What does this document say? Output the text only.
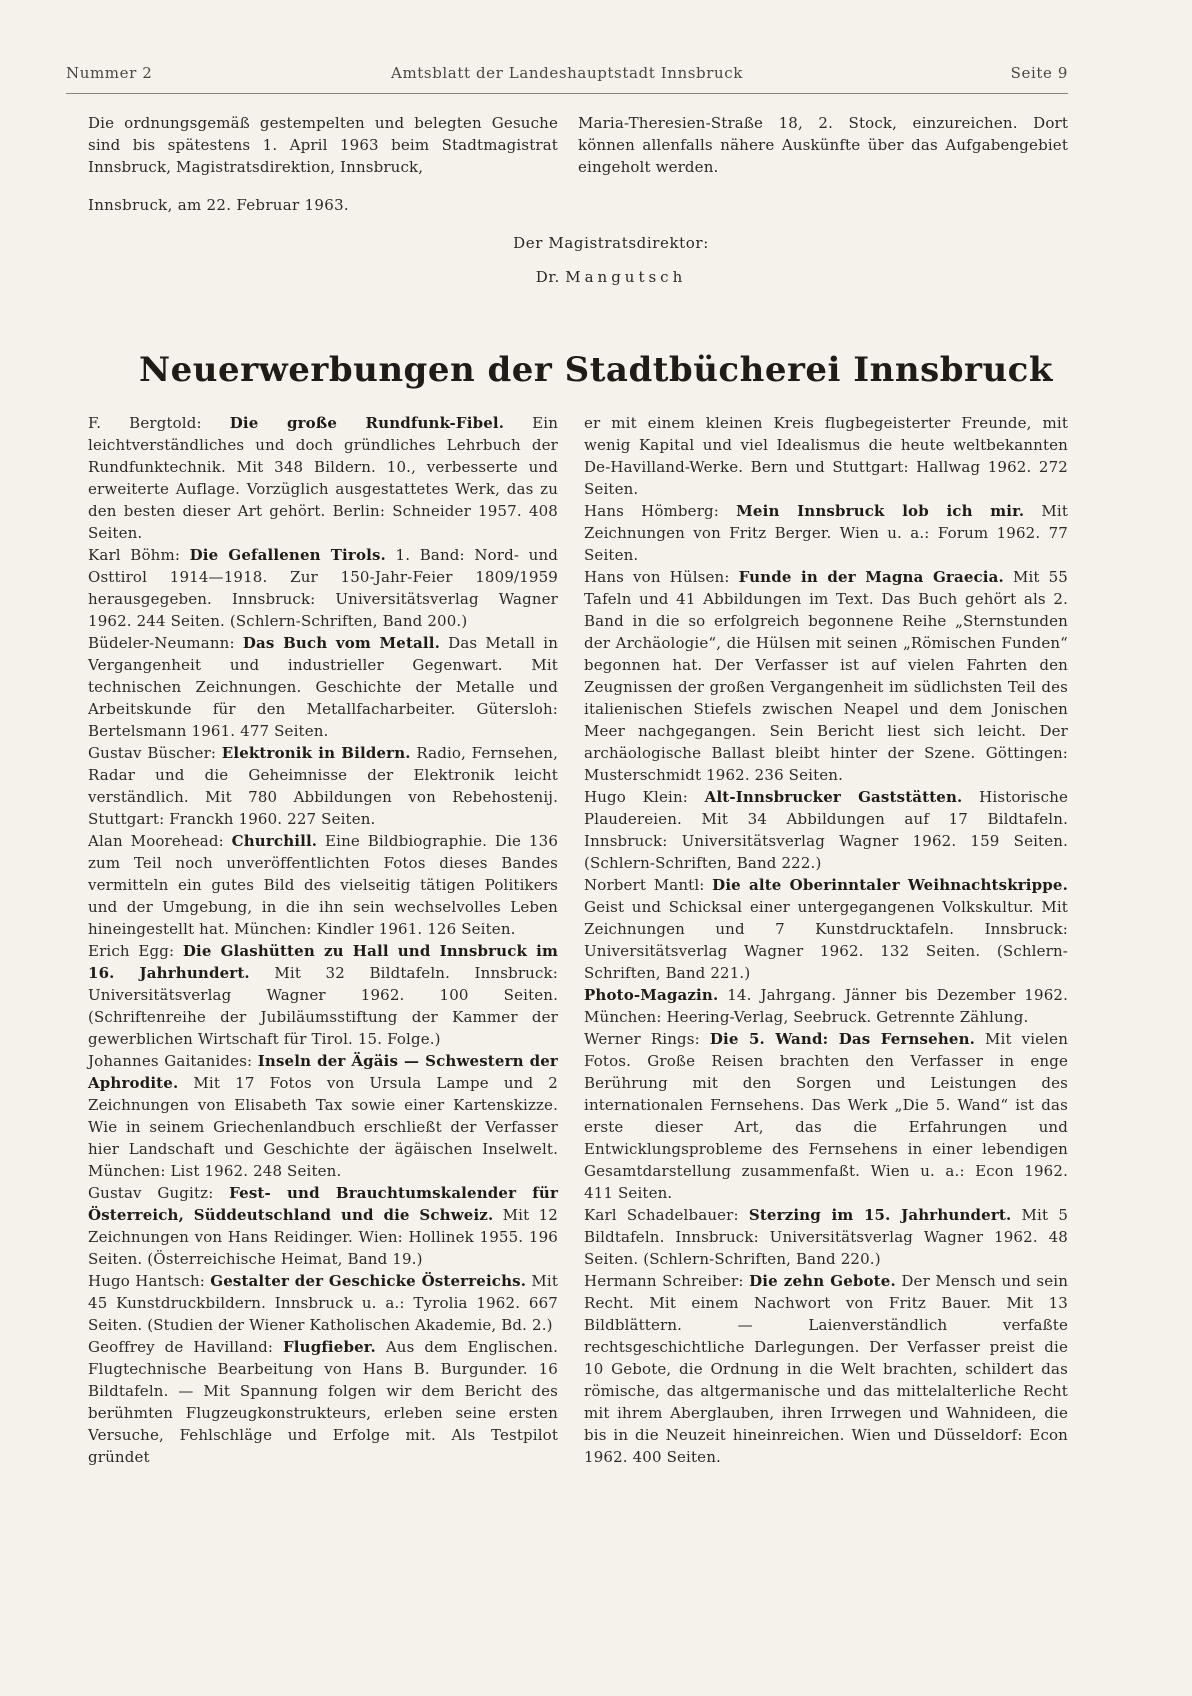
Nummer 2	Amtsblatt der Landeshauptstadt Innsbruck	Seite 9

Die ordnungsgemäß gestempelten und belegten Gesuche sind bis spätestens 1. April 1963 beim Stadtmagistrat Innsbruck, Magistratsdirektion, Innsbruck,

Maria-Theresien-Straße 18, 2. Stock, einzureichen. Dort können allenfalls nähere Auskünfte über das Aufgabengebiet eingeholt werden.

Innsbruck, am 22. Februar 1963.
Der Magistratsdirektor:
Dr. Mangutsch
Neuerwerbungen der Stadtbücherei Innsbruck

F. Bergtold: Die große Rundfunk-Fibel. Ein leichtverständliches und doch gründliches Lehrbuch der Rundfunktechnik. Mit 348 Bildern. 10., verbesserte und erweiterte Auflage. Vorzüglich ausgestattetes Werk, das zu den besten dieser Art gehört. Berlin: Schneider 1957. 408 Seiten.

Karl Böhm: Die Gefallenen Tirols. 1. Band: Nord- und Osttirol 1914—1918. Zur 150-Jahr-Feier 1809/1959 herausgegeben. Innsbruck: Universitätsverlag Wagner 1962. 244 Seiten. (Schlern-Schriften, Band 200.)

Büdeler-Neumann: Das Buch vom Metall. Das Metall in Vergangenheit und industrieller Gegenwart. Mit technischen Zeichnungen. Geschichte der Metalle und Arbeitskunde für den Metallfacharbeiter. Gütersloh: Bertelsmann 1961. 477 Seiten.

Gustav Büscher: Elektronik in Bildern. Radio, Fernsehen, Radar und die Geheimnisse der Elektronik leicht verständlich. Mit 780 Abbildungen von Rebehostenij. Stuttgart: Franckh 1960. 227 Seiten.

Alan Moorehead: Churchill. Eine Bildbiographie. Die 136 zum Teil noch unveröffentlichten Fotos dieses Bandes vermitteln ein gutes Bild des vielseitig tätigen Politikers und der Umgebung, in die ihn sein wechselvolles Leben hineingestellt hat. München: Kindler 1961. 126 Seiten.

Erich Egg: Die Glashütten zu Hall und Innsbruck im 16. Jahrhundert. Mit 32 Bildtafeln. Innsbruck: Universitätsverlag Wagner 1962. 100 Seiten. (Schriftenreihe der Jubiläumsstiftung der Kammer der gewerblichen Wirtschaft für Tirol. 15. Folge.)

Johannes Gaitanides: Inseln der Ägäis — Schwestern der Aphrodite. Mit 17 Fotos von Ursula Lampe und 2 Zeichnungen von Elisabeth Tax sowie einer Kartenskizze. Wie in seinem Griechenlandbuch erschließt der Verfasser hier Landschaft und Geschichte der ägäischen Inselwelt. München: List 1962. 248 Seiten.

Gustav Gugitz: Fest- und Brauchtumskalender für Österreich, Süddeutschland und die Schweiz. Mit 12 Zeichnungen von Hans Reidinger. Wien: Hollinek 1955. 196 Seiten. (Österreichische Heimat, Band 19.)

Hugo Hantsch: Gestalter der Geschicke Österreichs. Mit 45 Kunstdruckbildern. Innsbruck u. a.: Tyrolia 1962. 667 Seiten. (Studien der Wiener Katholischen Akademie, Bd. 2.)

Geoffrey de Havilland: Flugfieber. Aus dem Englischen. Flugtechnische Bearbeitung von Hans B. Burgunder. 16 Bildtafeln. — Mit Spannung folgen wir dem Bericht des berühmten Flugzeugkonstrukteurs, erleben seine ersten Versuche, Fehlschläge und Erfolge mit. Als Testpilot gründet

er mit einem kleinen Kreis flugbegeisterter Freunde, mit wenig Kapital und viel Idealismus die heute weltbekannten De-Havilland-Werke. Bern und Stuttgart: Hallwag 1962. 272 Seiten.

Hans Hömberg: Mein Innsbruck lob ich mir. Mit Zeichnungen von Fritz Berger. Wien u. a.: Forum 1962. 77 Seiten.

Hans von Hülsen: Funde in der Magna Graecia. Mit 55 Tafeln und 41 Abbildungen im Text. Das Buch gehört als 2. Band in die so erfolgreich begonnene Reihe „Sternstunden der Archäologie“, die Hülsen mit seinen „Römischen Funden“ begonnen hat. Der Verfasser ist auf vielen Fahrten den Zeugnissen der großen Vergangenheit im südlichsten Teil des italienischen Stiefels zwischen Neapel und dem Jonischen Meer nachgegangen. Sein Bericht liest sich leicht. Der archäologische Ballast bleibt hinter der Szene. Göttingen: Musterschmidt 1962. 236 Seiten.

Hugo Klein: Alt-Innsbrucker Gaststätten. Historische Plaudereien. Mit 34 Abbildungen auf 17 Bildtafeln. Innsbruck: Universitätsverlag Wagner 1962. 159 Seiten. (Schlern-Schriften, Band 222.)

Norbert Mantl: Die alte Oberinntaler Weihnachtskrippe. Geist und Schicksal einer untergegangenen Volkskultur. Mit Zeichnungen und 7 Kunstdrucktafeln. Innsbruck: Universitätsverlag Wagner 1962. 132 Seiten. (Schlern-Schriften, Band 221.)

Photo-Magazin. 14. Jahrgang. Jänner bis Dezember 1962. München: Heering-Verlag, Seebruck. Getrennte Zählung.

Werner Rings: Die 5. Wand: Das Fernsehen. Mit vielen Fotos. Große Reisen brachten den Verfasser in enge Berührung mit den Sorgen und Leistungen des internationalen Fernsehens. Das Werk „Die 5. Wand“ ist das erste dieser Art, das die Erfahrungen und Entwicklungsprobleme des Fernsehens in einer lebendigen Gesamtdarstellung zusammenfaßt. Wien u. a.: Econ 1962. 411 Seiten.

Karl Schadelbauer: Sterzing im 15. Jahrhundert. Mit 5 Bildtafeln. Innsbruck: Universitätsverlag Wagner 1962. 48 Seiten. (Schlern-Schriften, Band 220.)

Hermann Schreiber: Die zehn Gebote. Der Mensch und sein Recht. Mit einem Nachwort von Fritz Bauer. Mit 13 Bildblättern. — Laienverständlich verfaßte rechtsgeschichtliche Darlegungen. Der Verfasser preist die 10 Gebote, die Ordnung in die Welt brachten, schildert das römische, das altgermanische und das mittelalterliche Recht mit ihrem Aberglauben, ihren Irrwegen und Wahnideen, die bis in die Neuzeit hineinreichen. Wien und Düsseldorf: Econ 1962. 400 Seiten.
